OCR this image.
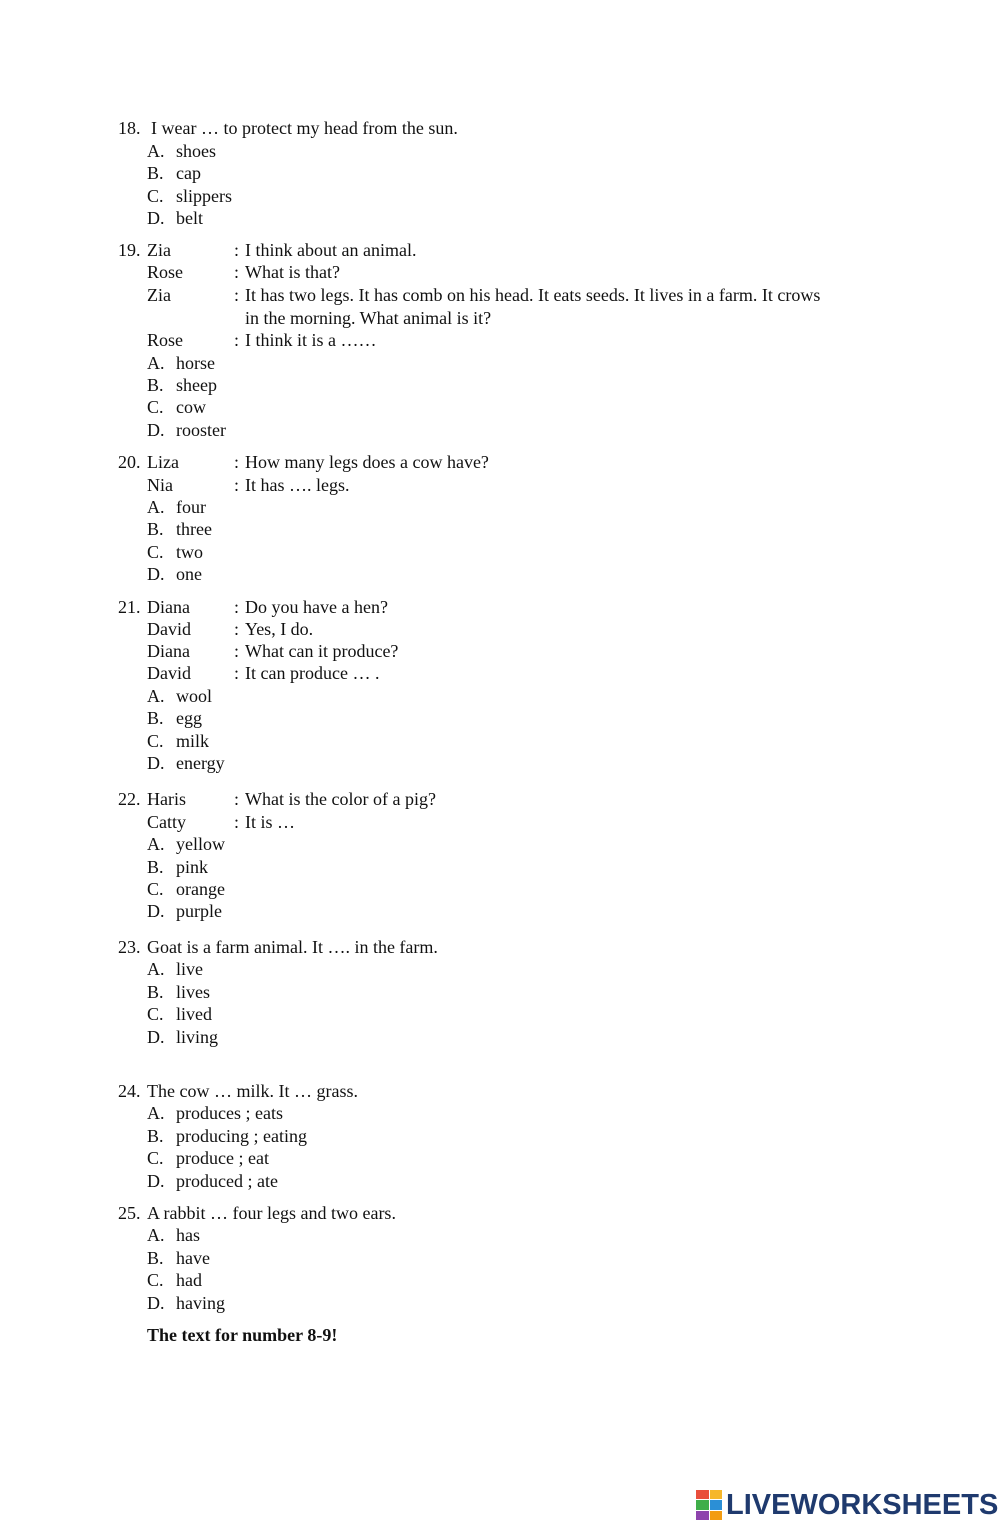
18. I wear … to protect my head from the sun.
A. shoes
B. cap
C. slippers
D. belt
19. Zia	: I think about an animal.
Rose	: What is that?
Zia	: It has two legs. It has comb on his head. It eats seeds. It lives in a farm. It crows
in the morning. What animal is it?
Rose	: I think it is a ……
A. horse
B. sheep
C. cow
D. rooster
20. Liza	: How many legs does a cow have?
Nia	: It has …. legs.
A. four
B. three
C. two
D. one
21. Diana : Do you have a hen?
David : Yes, I do.
Diana : What can it produce?
David : It can produce … .
A. wool
B. egg
C. milk
D. energy
22. Haris	: What is the color of a pig?
Catty	: It is …
A. yellow
B. pink
C. orange
D. purple
23. Goat is a farm animal. It …. in the farm.
A. live
B. lives
C. lived
D. living
24. The cow … milk. It … grass.
A. produces ; eats
B. producing ; eating
C. produce ; eat
D. produced ; ate
25. A rabbit … four legs and two ears.
A. has
B. have
C. had
D. having
The text for number 8-9!
LIVEWORKSHEETS
